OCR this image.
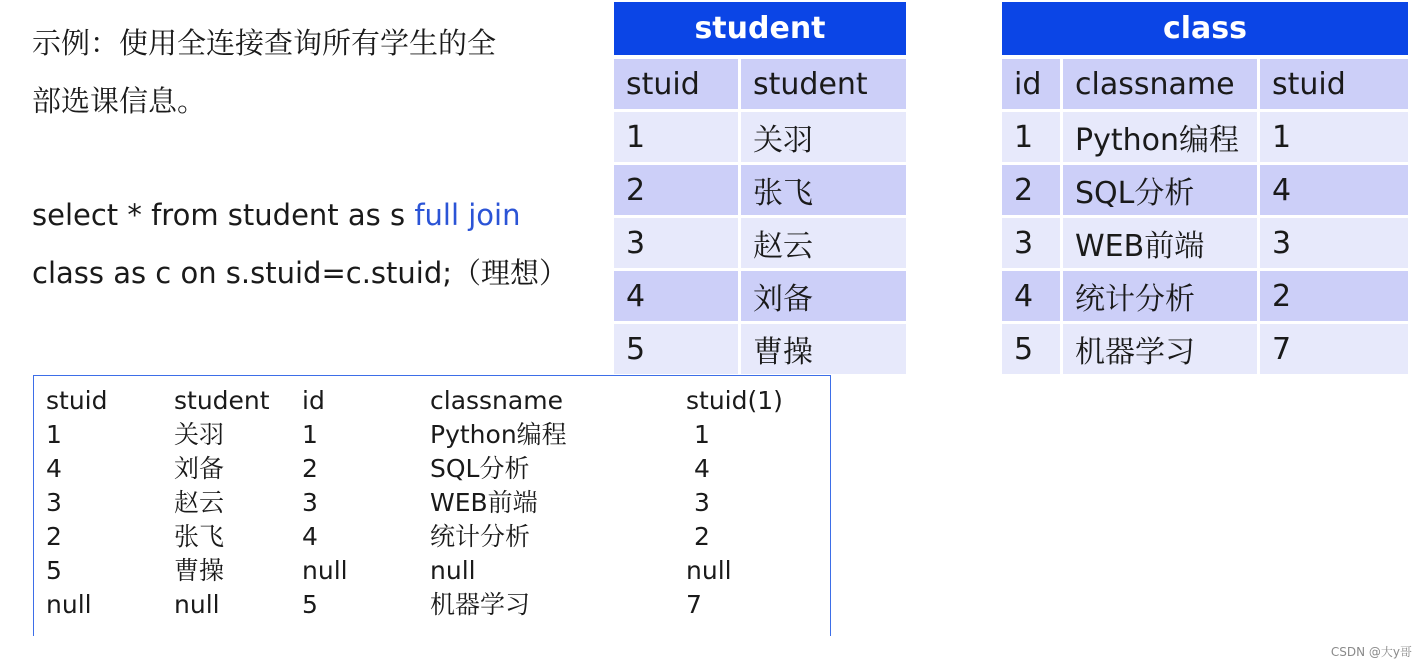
示例：使用全连接查询所有学生的全
部选课信息。

select * from student as s full join
class as c on s.stuid=c.stuid;（理想）

student	
stuid	student
1	关羽
2	张飞
3	赵云
4	刘备
5	曹操
class		
id	classname	stuid
1	Python编程	1
2	SQL分析	4
3	WEB前端	3
4	统计分析	2
5	机器学习	7
stuid	student	id	classname	stuid(1)
1	关羽	1	Python编程	1
4	刘备	2	SQL分析	4
3	赵云	3	WEB前端	3
2	张飞	4	统计分析	2
5	曹操	null	null	null
null	null	5	机器学习	7
CSDN @大y哥
